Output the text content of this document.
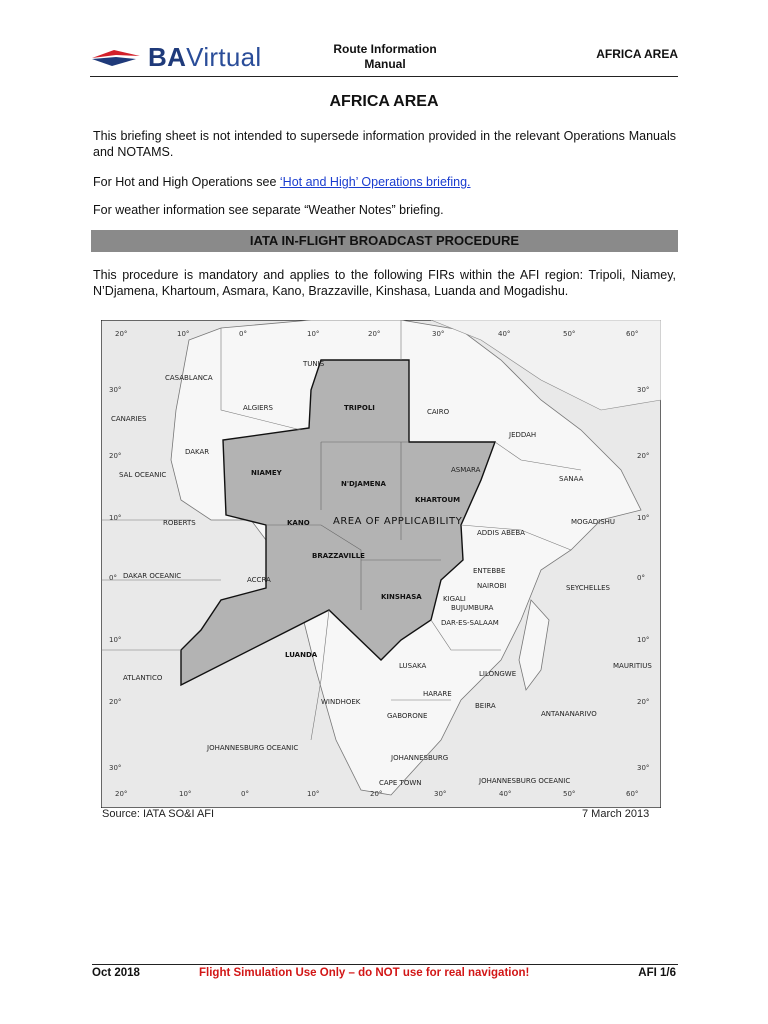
BAVirtual	Route Information
Manual
AFRICA AREA
AFRICA AREA

This briefing sheet is not intended to supersede information provided in the relevant Operations Manuals and NOTAMS.

For Hot and High Operations see ‘Hot and High’ Operations briefing.

For weather information see separate “Weather Notes” briefing.

IATA IN-FLIGHT BROADCAST PROCEDURE

This procedure is mandatory and applies to the following FIRs within the AFI region: Tripoli, Niamey, N’Djamena, Khartoum, Asmara, Kano, Brazzaville, Kinshasa, Luanda and Mogadishu.

20°	10°	0°	10°	20°	30°	40°	50°	60°
20°	10°	0°	10°	20°	30°	40°	50°	60°
30°
20°
10°
0°
10°
20°
30°
30°
20°
10°
0°
10°
20°
30°
TRIPOLI
NIAMEY
N'DJAMENA
KHARTOUM
ASMARA
KANO
BRAZZAVILLE
KINSHASA
LUANDA
AREA OF APPLICABILITY
CASABLANCA
ALGIERS
TUNIS
CAIRO
JEDDAH
CANARIES
DAKAR
SAL OCEANIC
ROBERTS
DAKAR OCEANIC	ACCRA
SANAA
ADDIS ABEBA
MOGADISHU
ENTEBBE
NAIROBI
KIGALI
BUJUMBURA
DAR-ES-SALAAM
SEYCHELLES
ATLANTICO
LUSAKA
LILONGWE
HARARE
BEIRA
MAURITIUS
ANTANANARIVO
WINDHOEK
GABORONE
JOHANNESBURG OCEANIC
JOHANNESBURG
CAPE TOWN	JOHANNESBURG OCEANIC
Source: IATA SO&I AFI	7 March 2013
Oct 2018	Flight Simulation Use Only – do NOT use for real navigation!	AFI 1/6
